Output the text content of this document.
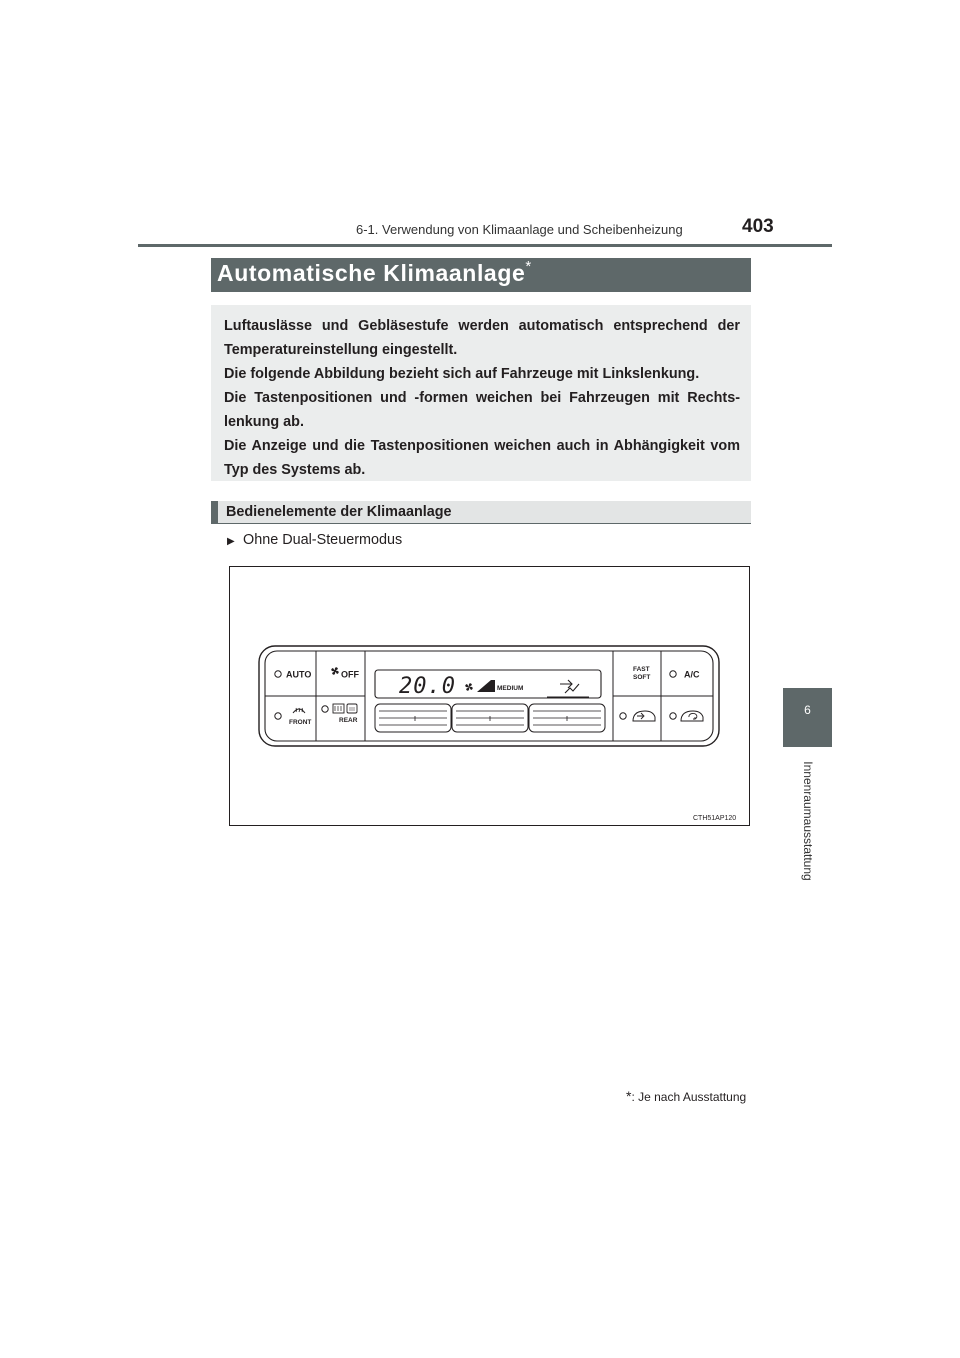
6-1. Verwendung von Klimaanlage und Scheibenheizung	403
6
Innenraumausstattung
Automatische Klimaanlage*
Luftauslässe und Gebläsestufe werden automatisch entsprechend der Temperatureinstellung eingestellt.
Die folgende Abbildung bezieht sich auf Fahrzeuge mit Linkslenkung.
Die Tastenpositionen und -formen weichen bei Fahrzeugen mit Rechts-lenkung ab.
Die Anzeige und die Tastenpositionen weichen auch in Abhängigkeit vom Typ des Systems ab.
Bedienelemente der Klimaanlage
▶ Ohne Dual-Steuermodus
AUTO	OFF
FRONT	REAR
20.0	MEDIUM
FAST
SOFT	A/C
CTH51AP120
*: Je nach Ausstattung
